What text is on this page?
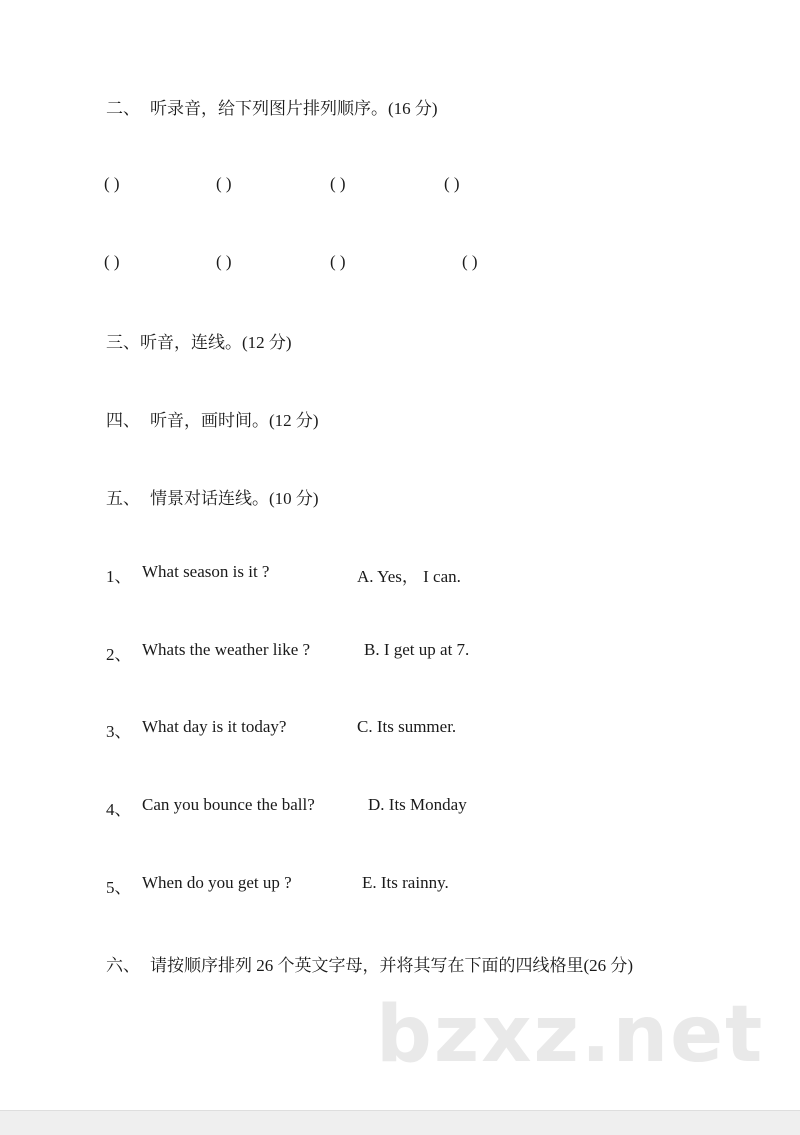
二、 听录音，给下列图片排列顺序。(16 分)
( )	( )	( )	( )
( )	( )	( )	( )
三、听音，连线。(12 分)
四、 听音，画时间。(12 分)
五、 情景对话连线。(10 分)
1、 What season is it ?	A. Yes， I can.
2、 Whats the weather like ?	B. I get up at 7.
3、 What day is it today?	C. Its summer.
4、 Can you bounce the ball?	D. Its Monday
5、 When do you get up ?	E. Its rainny.
六、 请按顺序排列 26 个英文字母，并将其写在下面的四线格里(26 分)
bzxz.net
